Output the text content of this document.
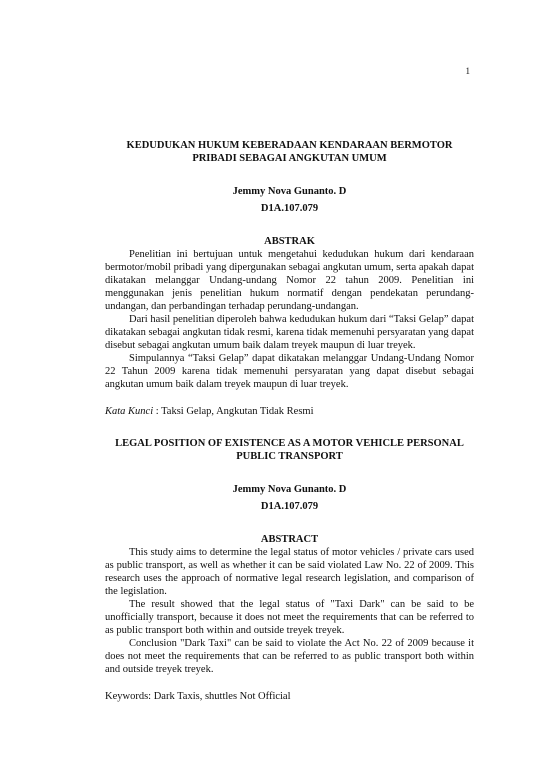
1

KEDUDUKAN HUKUM KEBERADAAN KENDARAAN BERMOTOR
PRIBADI SEBAGAI ANGKUTAN UMUM

Jemmy Nova Gunanto. D

D1A.107.079

ABSTRAK

Penelitian ini bertujuan untuk mengetahui kedudukan hukum dari kendaraan bermotor/mobil pribadi yang dipergunakan sebagai angkutan umum, serta apakah dapat dikatakan melanggar Undang-undang Nomor 22 tahun 2009. Penelitian ini menggunakan jenis penelitian hukum normatif dengan pendekatan perundang-undangan, dan perbandingan terhadap perundang-undangan.

Dari hasil penelitian diperoleh bahwa kedudukan hukum dari “Taksi Gelap” dapat dikatakan sebagai angkutan tidak resmi, karena tidak memenuhi persyaratan yang dapat disebut sebagai angkutan umum baik dalam treyek maupun di luar treyek.

Simpulannya “Taksi Gelap” dapat dikatakan melanggar Undang-Undang Nomor 22 Tahun 2009 karena tidak memenuhi persyaratan yang dapat disebut sebagai angkutan umum baik dalam treyek maupun di luar treyek.

Kata Kunci : Taksi Gelap, Angkutan Tidak Resmi

LEGAL POSITION OF EXISTENCE AS A MOTOR VEHICLE PERSONAL
PUBLIC TRANSPORT

Jemmy Nova Gunanto. D

D1A.107.079

ABSTRACT

This study aims to determine the legal status of motor vehicles / private cars used as public transport, as well as whether it can be said violated Law No. 22 of 2009. This research uses the approach of normative legal research legislation, and comparison of the legislation.

The result showed that the legal status of "Taxi Dark" can be said to be unofficially transport, because it does not meet the requirements that can be referred to as public transport both within and outside treyek treyek.

Conclusion "Dark Taxi" can be said to violate the Act No. 22 of 2009 because it does not meet the requirements that can be referred to as public transport both within and outside treyek treyek.

Keywords: Dark Taxis, shuttles Not Official
